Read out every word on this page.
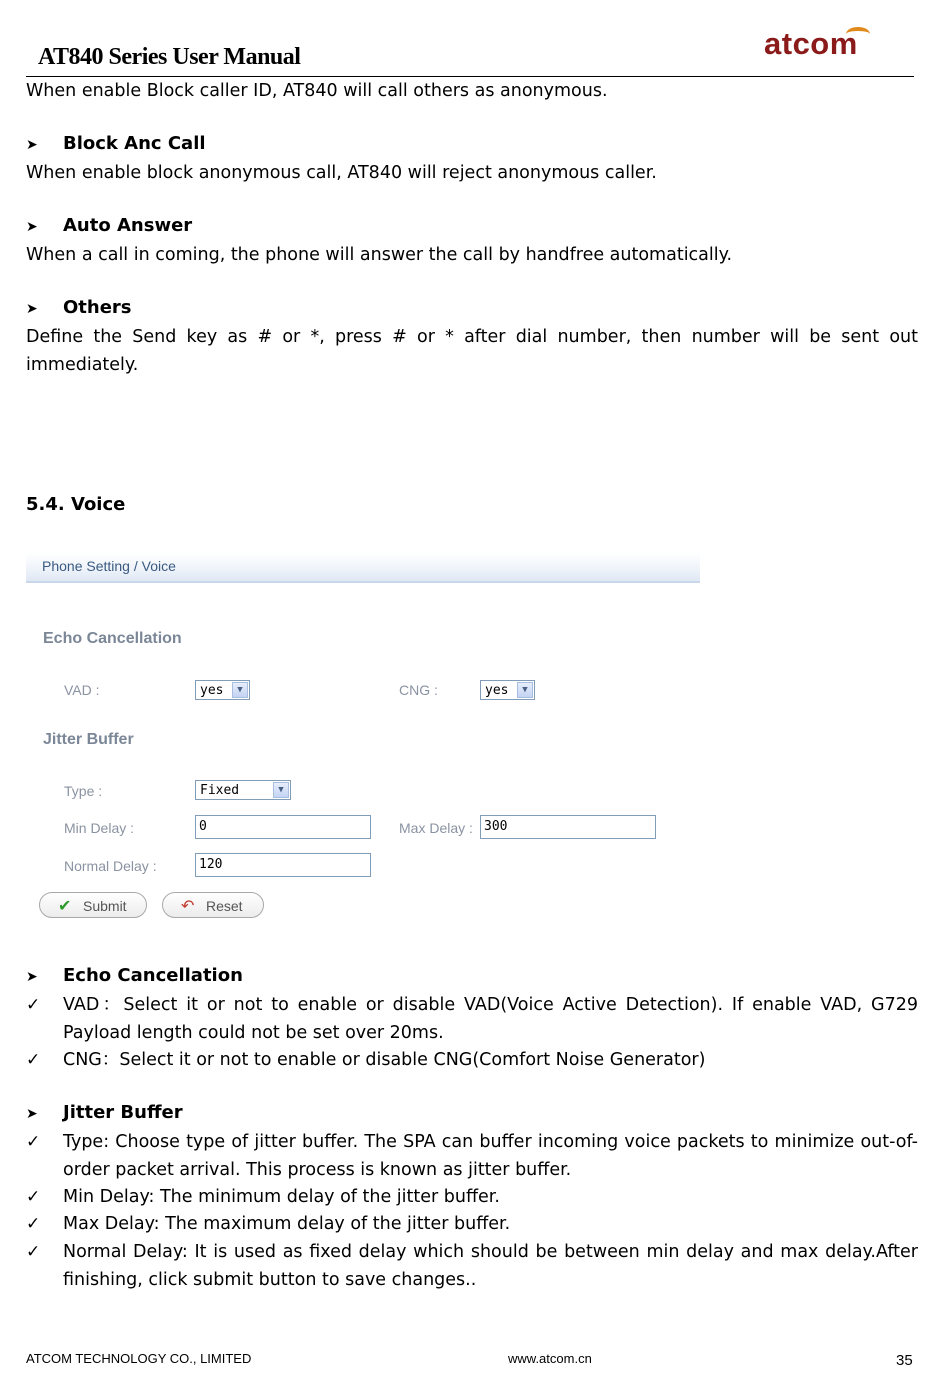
AT840 Series User Manual	atcom
When enable Block caller ID, AT840 will call others as anonymous.
➤ Block Anc Call
When enable block anonymous call, AT840 will reject anonymous caller.
➤ Auto Answer
When a call in coming, the phone will answer the call by handfree automatically.
➤ Others
Define the Send key as # or *, press # or * after dial number, then number will be sent out immediately.
5.4. Voice
Phone Setting / Voice
Echo Cancellation
VAD :	yes	▼	CNG :	yes	▼
Jitter Buffer
Type :	Fixed	▼
Min Delay :	0	Max Delay : 300
Normal Delay :	120
✔ Submit	↶ Reset
➤ Echo Cancellation
✓ VAD：Select it or not to enable or disable VAD(Voice Active Detection). If enable VAD, G729 Payload length could not be set over 20ms.
✓ CNG：Select it or not to enable or disable CNG(Comfort Noise Generator)
➤ Jitter Buffer
✓ Type: Choose type of jitter buffer. The SPA can buffer incoming voice packets to minimize out-of-order packet arrival. This process is known as jitter buffer.
✓ Min Delay: The minimum delay of the jitter buffer.
✓ Max Delay: The maximum delay of the jitter buffer.
✓ Normal Delay: It is used as fixed delay which should be between min delay and max delay.After finishing, click submit button to save changes..
ATCOM TECHNOLOGY CO., LIMITED	www.atcom.cn	35
